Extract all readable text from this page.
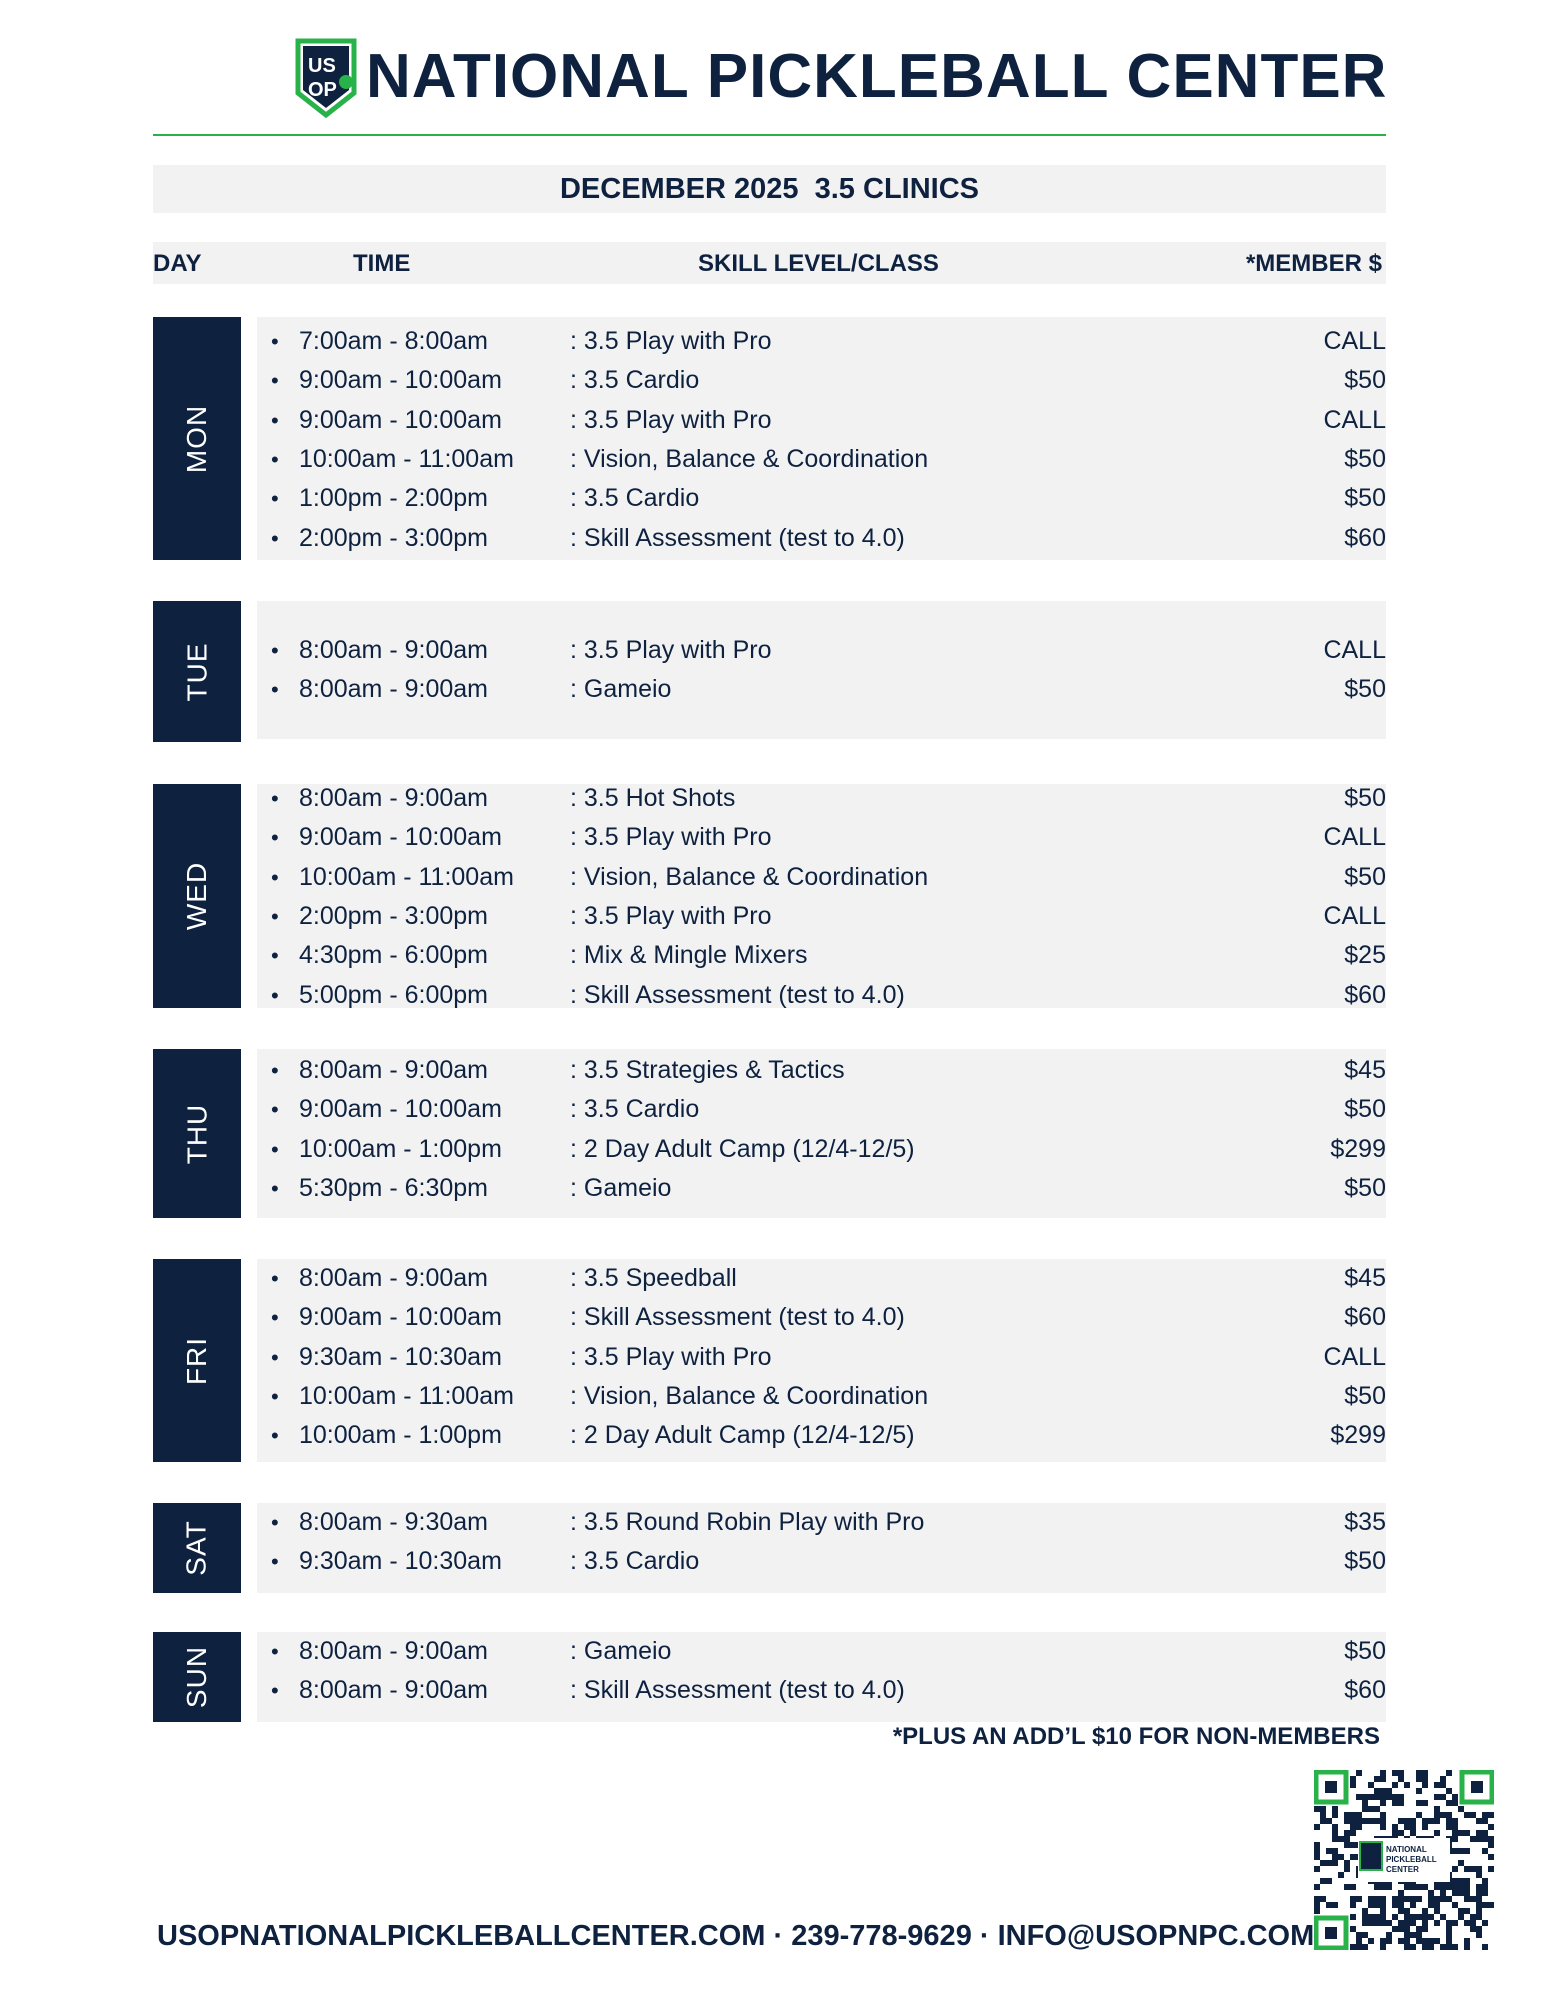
US
OP NATIONAL PICKLEBALL CENTER
DECEMBER 2025  3.5 CLINICS
DAY	TIME	SKILL LEVEL/CLASS	*MEMBER $
MON
• 7:00am - 8:00am	: 3.5 Play with Pro	CALL
• 9:00am - 10:00am	: 3.5 Cardio	$50
• 9:00am - 10:00am	: 3.5 Play with Pro	CALL
• 10:00am - 11:00am : Vision, Balance & Coordination	$50
• 1:00pm - 2:00pm	: 3.5 Cardio	$50
• 2:00pm - 3:00pm	: Skill Assessment (test to 4.0)	$60
TUE	• 8:00am - 9:00am	: 3.5 Play with Pro	CALL
• 8:00am - 9:00am	: Gameio	$50
WED
• 8:00am - 9:00am	: 3.5 Hot Shots	$50
• 9:00am - 10:00am	: 3.5 Play with Pro	CALL
• 10:00am - 11:00am : Vision, Balance & Coordination	$50
• 2:00pm - 3:00pm	: 3.5 Play with Pro	CALL
• 4:30pm - 6:00pm	: Mix & Mingle Mixers	$25
• 5:00pm - 6:00pm	: Skill Assessment (test to 4.0)	$60
THU
• 8:00am - 9:00am	: 3.5 Strategies & Tactics	$45
• 9:00am - 10:00am	: 3.5 Cardio	$50
• 10:00am - 1:00pm	: 2 Day Adult Camp (12/4-12/5)	$299
• 5:30pm - 6:30pm	: Gameio	$50
FRI
• 8:00am - 9:00am	: 3.5 Speedball	$45
• 9:00am - 10:00am	: Skill Assessment (test to 4.0)	$60
• 9:30am - 10:30am	: 3.5 Play with Pro	CALL
• 10:00am - 11:00am : Vision, Balance & Coordination	$50
• 10:00am - 1:00pm	: 2 Day Adult Camp (12/4-12/5)	$299
SAT	• 8:00am - 9:30am	: 3.5 Round Robin Play with Pro	$35
• 9:30am - 10:30am	: 3.5 Cardio	$50
SUN	• 8:00am - 9:00am	: Gameio	$50
• 8:00am - 9:00am	: Skill Assessment (test to 4.0)	$60
*PLUS AN ADD’L $10 FOR NON-MEMBERS
USOPNATIONALPICKLEBALLCENTER.COM · 239-778-9629 · INFO@USOPNPC.COM
NATIONAL
PICKLEBALL
CENTER
